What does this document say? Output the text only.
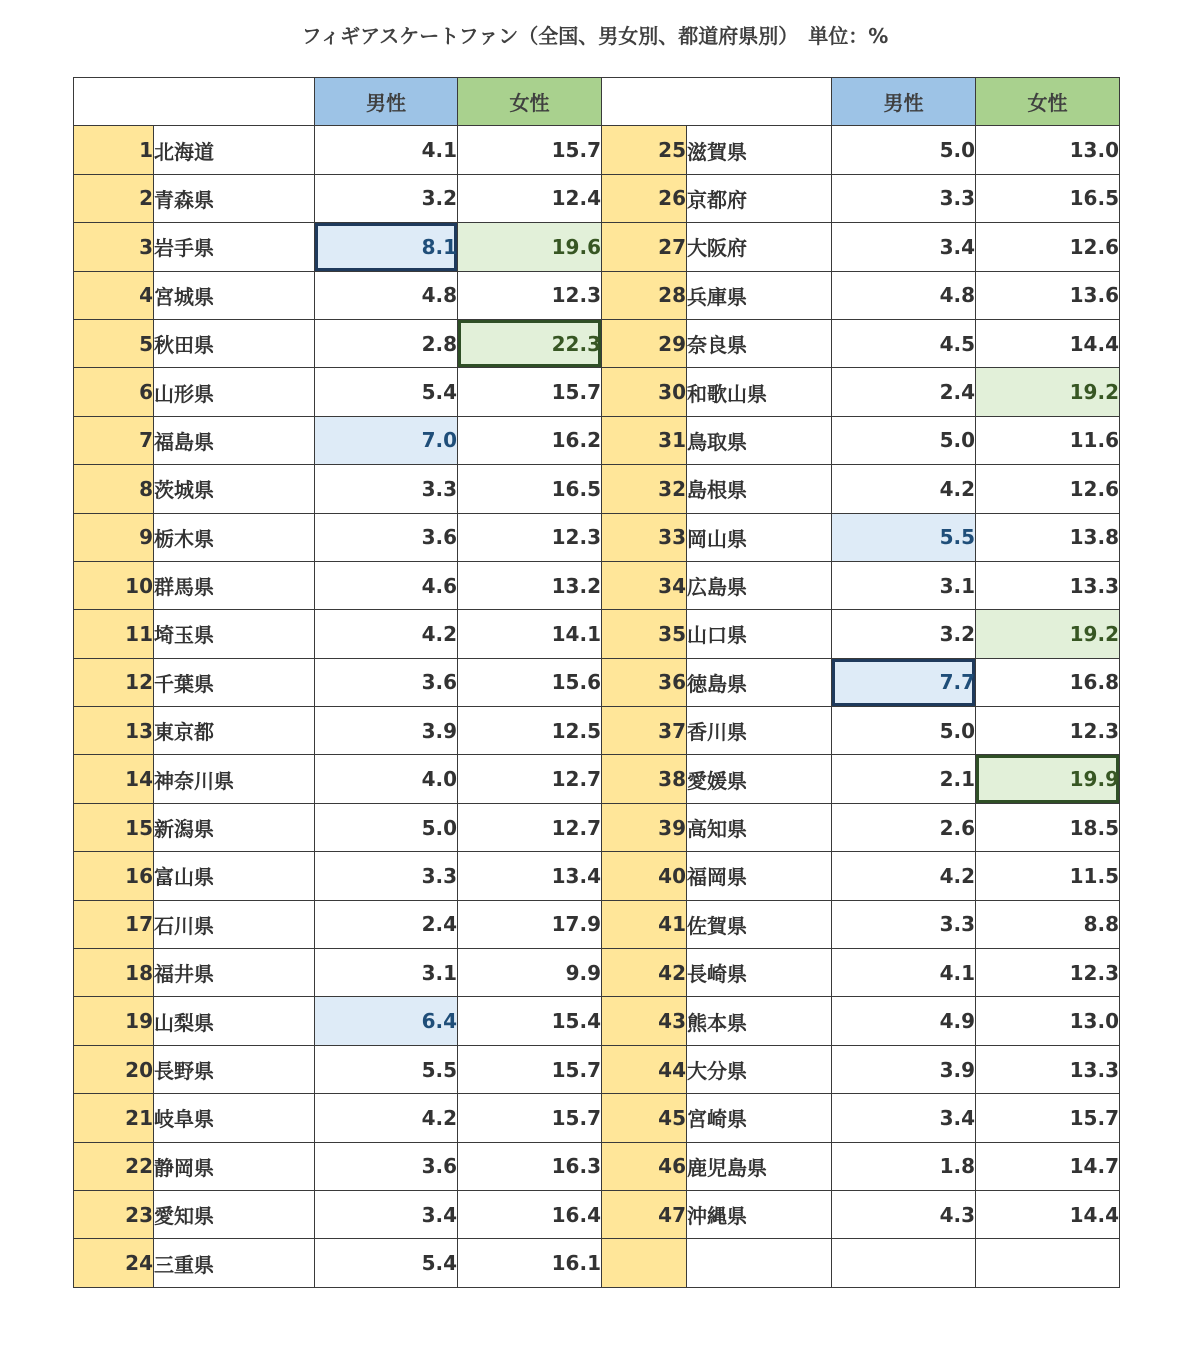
フィギアスケートファン（全国、男女別、都道府県別）　単位：%
		男性	女性			男性	女性
1	北海道	4.1	15.7	25	滋賀県	5.0	13.0
2	青森県	3.2	12.4	26	京都府	3.3	16.5
3	岩手県	8.1	19.6	27	大阪府	3.4	12.6
4	宮城県	4.8	12.3	28	兵庫県	4.8	13.6
5	秋田県	2.8	22.3	29	奈良県	4.5	14.4
6	山形県	5.4	15.7	30	和歌山県	2.4	19.2
7	福島県	7.0	16.2	31	鳥取県	5.0	11.6
8	茨城県	3.3	16.5	32	島根県	4.2	12.6
9	栃木県	3.6	12.3	33	岡山県	5.5	13.8
10	群馬県	4.6	13.2	34	広島県	3.1	13.3
11	埼玉県	4.2	14.1	35	山口県	3.2	19.2
12	千葉県	3.6	15.6	36	徳島県	7.7	16.8
13	東京都	3.9	12.5	37	香川県	5.0	12.3
14	神奈川県	4.0	12.7	38	愛媛県	2.1	19.9
15	新潟県	5.0	12.7	39	高知県	2.6	18.5
16	富山県	3.3	13.4	40	福岡県	4.2	11.5
17	石川県	2.4	17.9	41	佐賀県	3.3	8.8
18	福井県	3.1	9.9	42	長崎県	4.1	12.3
19	山梨県	6.4	15.4	43	熊本県	4.9	13.0
20	長野県	5.5	15.7	44	大分県	3.9	13.3
21	岐阜県	4.2	15.7	45	宮崎県	3.4	15.7
22	静岡県	3.6	16.3	46	鹿児島県	1.8	14.7
23	愛知県	3.4	16.4	47	沖縄県	4.3	14.4
24	三重県	5.4	16.1				
